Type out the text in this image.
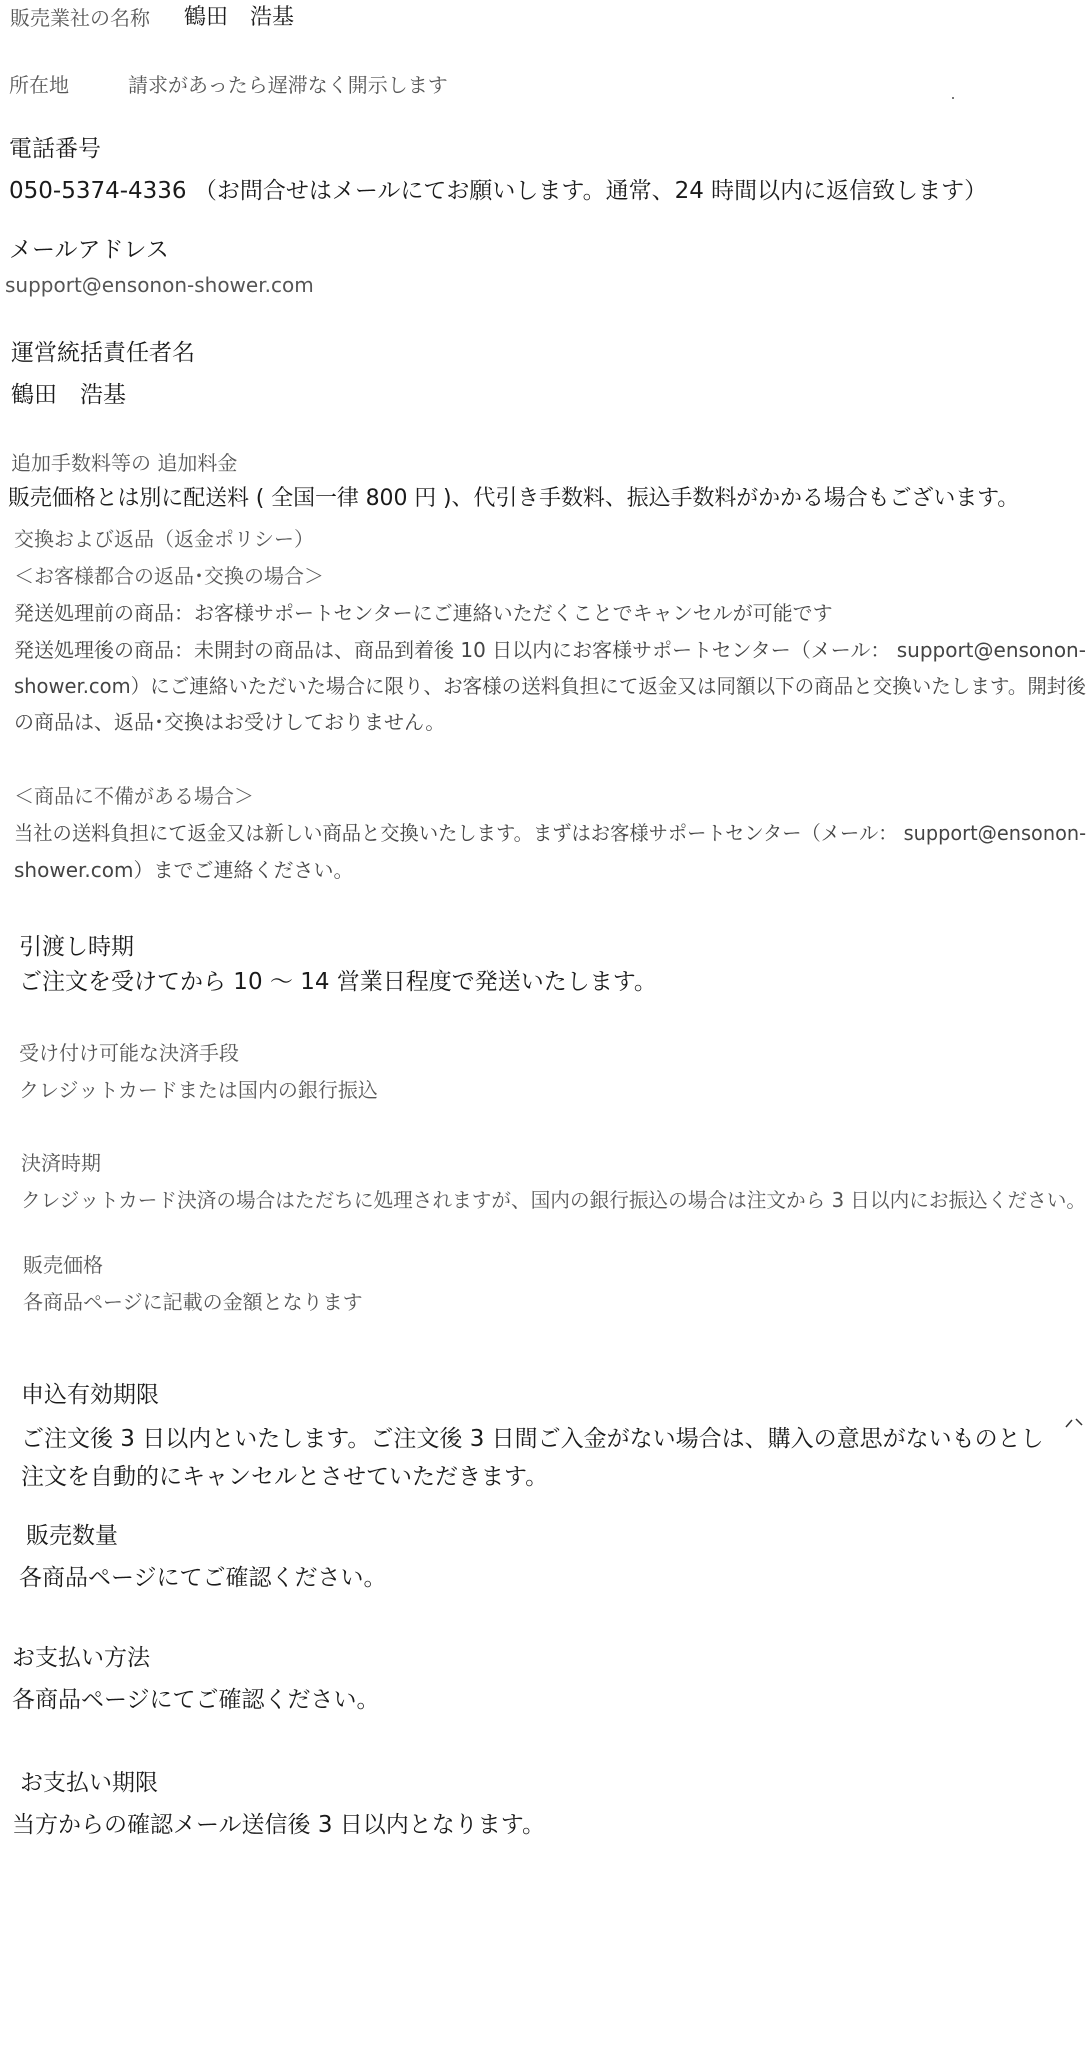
販売業社の名称 鶴田　浩基

所在地	請求があったら遅滞なく開示します

電話番号

050-5374-4336 （お問合せはメールにてお願いします。通常、24 時間以内に返信致します）

メールアドレス

support@ensonon-shower.com

運営統括責任者名

鶴田　浩基

追加手数料等の 追加料金

販売価格とは別に配送料 ( 全国一律 800 円 )、代引き手数料、振込手数料がかかる場合もございます。

交換および返品（返金ポリシー）

＜お客様都合の返品･交換の場合＞

発送処理前の商品：お客様サポートセンターにご連絡いただくことでキャンセルが可能です

発送処理後の商品：未開封の商品は、商品到着後 10 日以内にお客様サポートセンター（メール： support@ensonon-

shower.com）にご連絡いただいた場合に限り、お客様の送料負担にて返金又は同額以下の商品と交換いたします。開封後

の商品は、返品･交換はお受けしておりません。

＜商品に不備がある場合＞

当社の送料負担にて返金又は新しい商品と交換いたします。まずはお客様サポートセンター（メール： support@ensonon-

shower.com）までご連絡ください。

引渡し時期

ご注文を受けてから 10 ～ 14 営業日程度で発送いたします。

受け付け可能な決済手段

クレジットカードまたは国内の銀行振込

決済時期

クレジットカード決済の場合はただちに処理されますが、国内の銀行振込の場合は注文から 3 日以内にお振込ください。

販売価格

各商品ページに記載の金額となります

申込有効期限

ご注文後 3 日以内といたします。ご注文後 3 日間ご入金がない場合は、購入の意思がないものとし

注文を自動的にキャンセルとさせていただきます。

販売数量

各商品ページにてご確認ください。

お支払い方法

各商品ページにてご確認ください。

お支払い期限

当方からの確認メール送信後 3 日以内となります。
